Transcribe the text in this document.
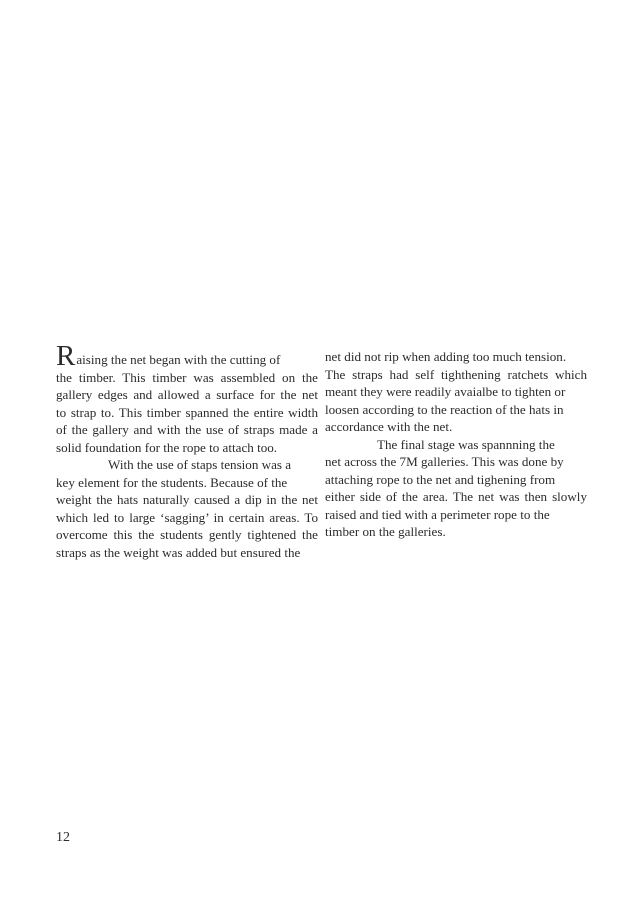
Raising the net began with the cutting of
the timber. This timber was assembled on the
gallery edges and allowed a surface for the net
to strap to. This timber spanned the entire width
of the gallery and with the use of straps made a
solid foundation for the rope to attach too.
With the use of staps tension was a
key element for the students. Because of the
weight the hats naturally caused a dip in the net
which led to large ‘sagging’ in certain areas. To
overcome this the students gently tightened the
straps as the weight was added but ensured the
net did not rip when adding too much tension.
The straps had self tighthening ratchets which
meant they were readily avaialbe to tighten or
loosen according to the reaction of the hats in
accordance with the net.
The final stage was spannning the
net across the 7M galleries. This was done by
attaching rope to the net and tighening from
either side of the area. The net was then slowly
raised and tied with a perimeter rope to the
timber on the galleries.
12
